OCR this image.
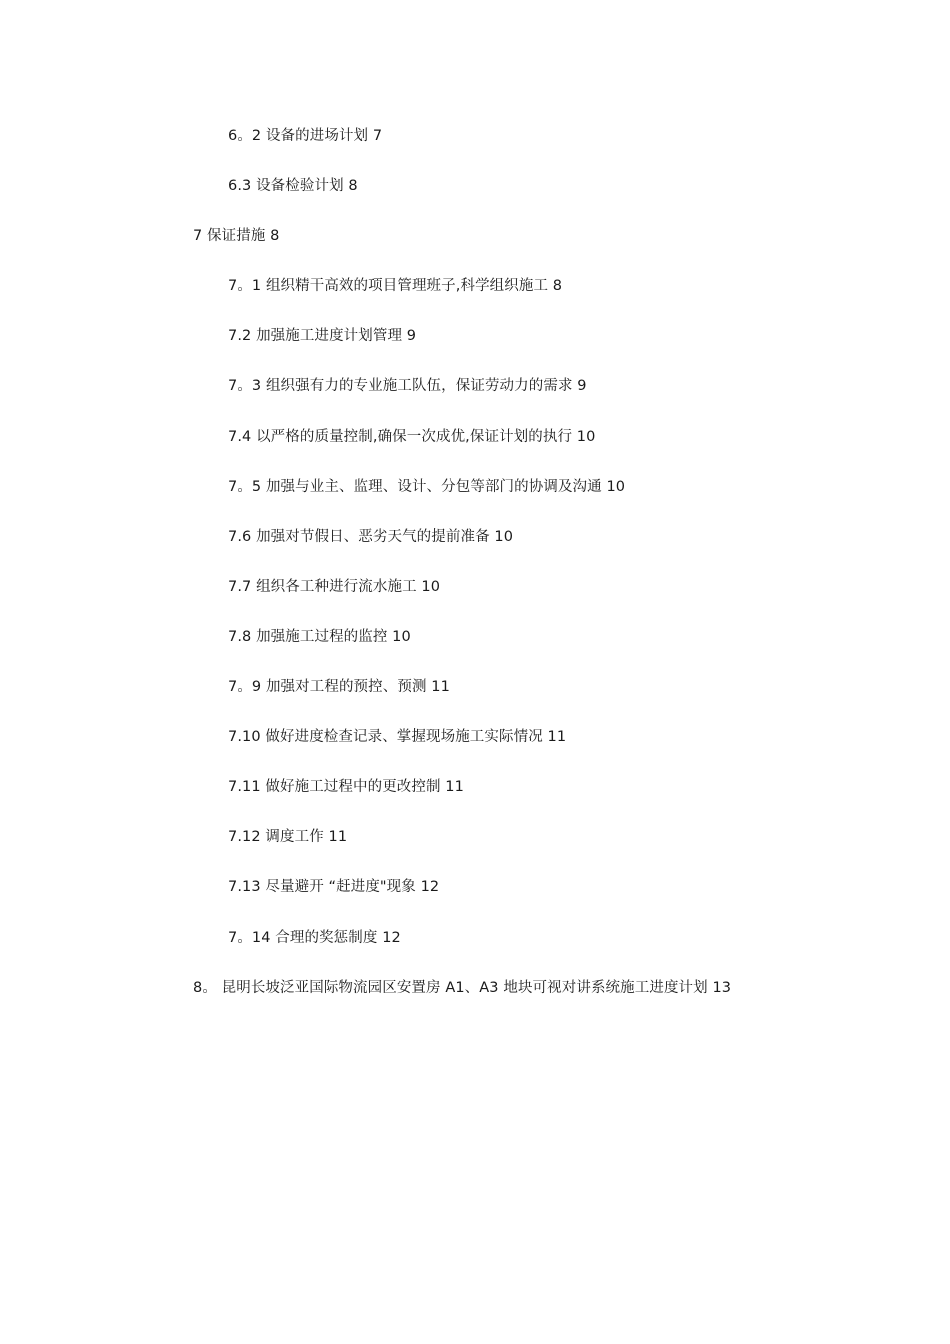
6。2 设备的进场计划 7
6.3 设备检验计划 8
7 保证措施 8
7。1 组织精干高效的项目管理班子,科学组织施工 8
7.2 加强施工进度计划管理 9
7。3 组织强有力的专业施工队伍，保证劳动力的需求 9
7.4 以严格的质量控制,确保一次成优,保证计划的执行 10
7。5 加强与业主、监理、设计、分包等部门的协调及沟通 10
7.6 加强对节假日、恶劣天气的提前准备 10
7.7 组织各工种进行流水施工 10
7.8 加强施工过程的监控 10
7。9 加强对工程的预控、预测 11
7.10 做好进度检查记录、掌握现场施工实际情况 11
7.11 做好施工过程中的更改控制 11
7.12 调度工作 11
7.13 尽量避开 “赶进度"现象 12
7。14 合理的奖惩制度 12
8。 昆明长坡泛亚国际物流园区安置房 A1、A3 地块可视对讲系统施工进度计划 13
